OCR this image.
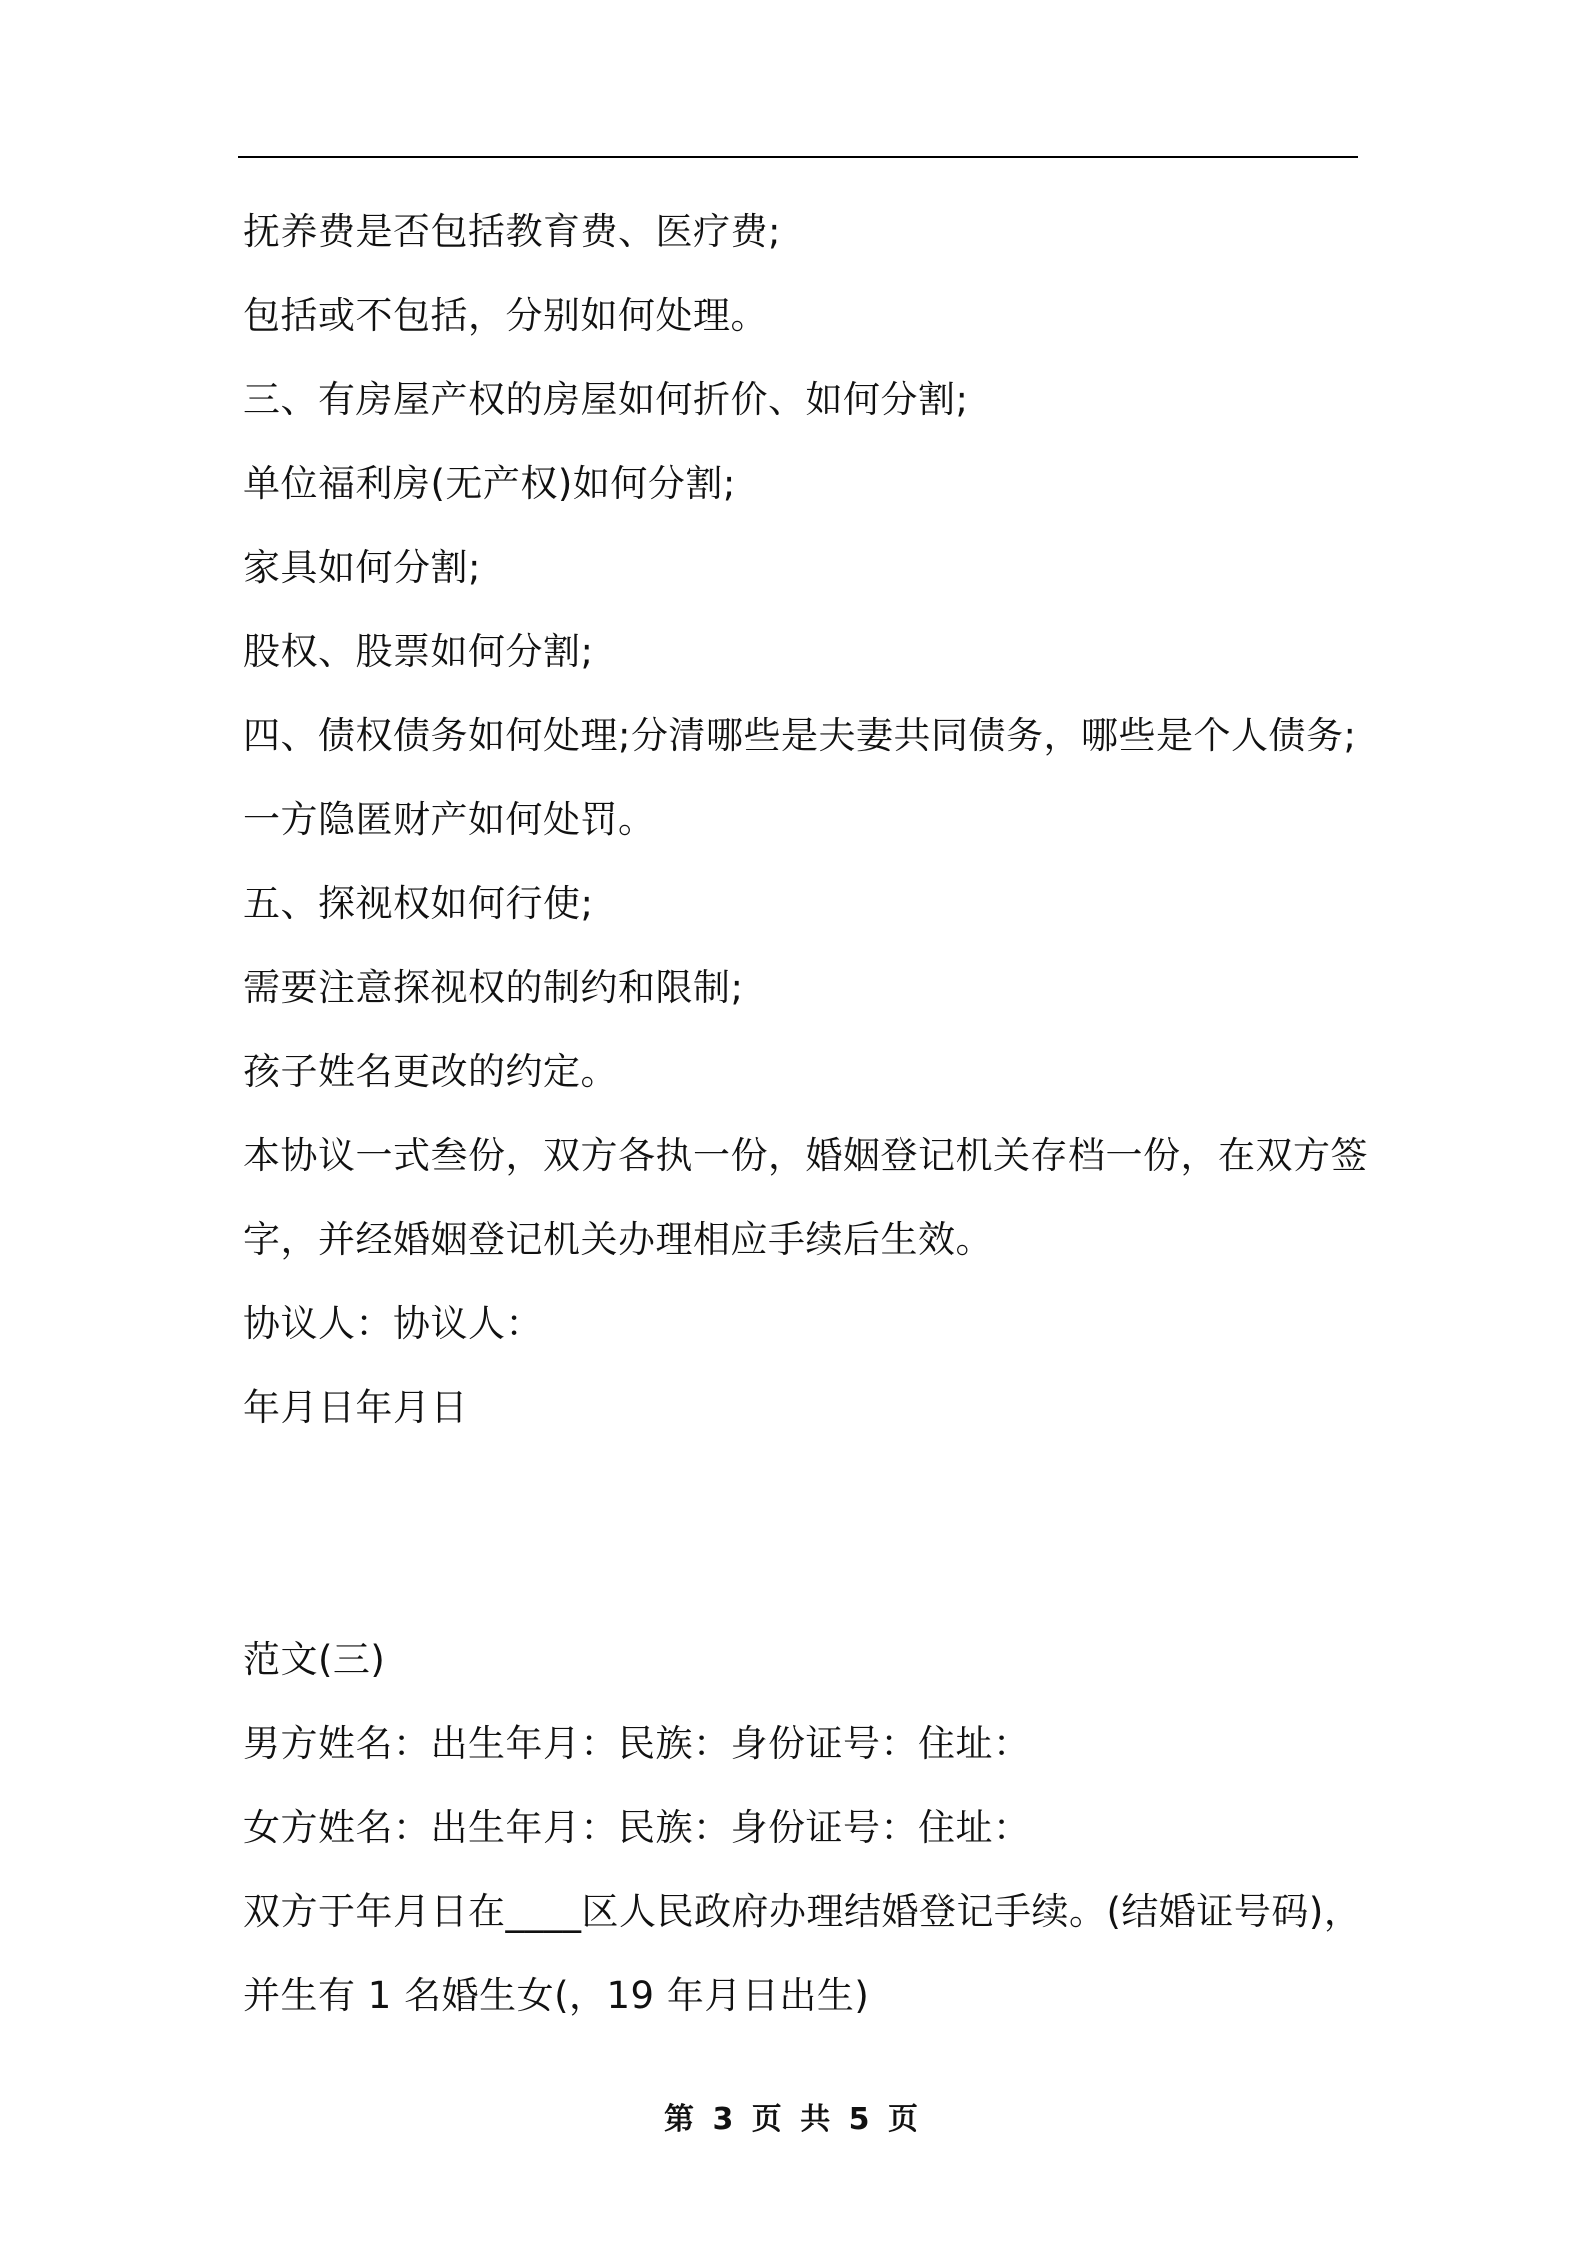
抚养费是否包括教育费、医疗费;
包括或不包括，分别如何处理。
三、有房屋产权的房屋如何折价、如何分割;
单位福利房(无产权)如何分割;
家具如何分割;
股权、股票如何分割;
四、债权债务如何处理;分清哪些是夫妻共同债务，哪些是个人债务;
一方隐匿财产如何处罚。
五、探视权如何行使;
需要注意探视权的制约和限制;
孩子姓名更改的约定。
本协议一式叁份，双方各执一份，婚姻登记机关存档一份，在双方签
字，并经婚姻登记机关办理相应手续后生效。
协议人：协议人：
年月日年月日
范文(三)
男方姓名：出生年月：民族：身份证号：住址：
女方姓名：出生年月：民族：身份证号：住址：
双方于年月日在____区人民政府办理结婚登记手续。(结婚证号码)，
并生有 1 名婚生女(，19 年月日出生)
第 3 页 共 5 页
